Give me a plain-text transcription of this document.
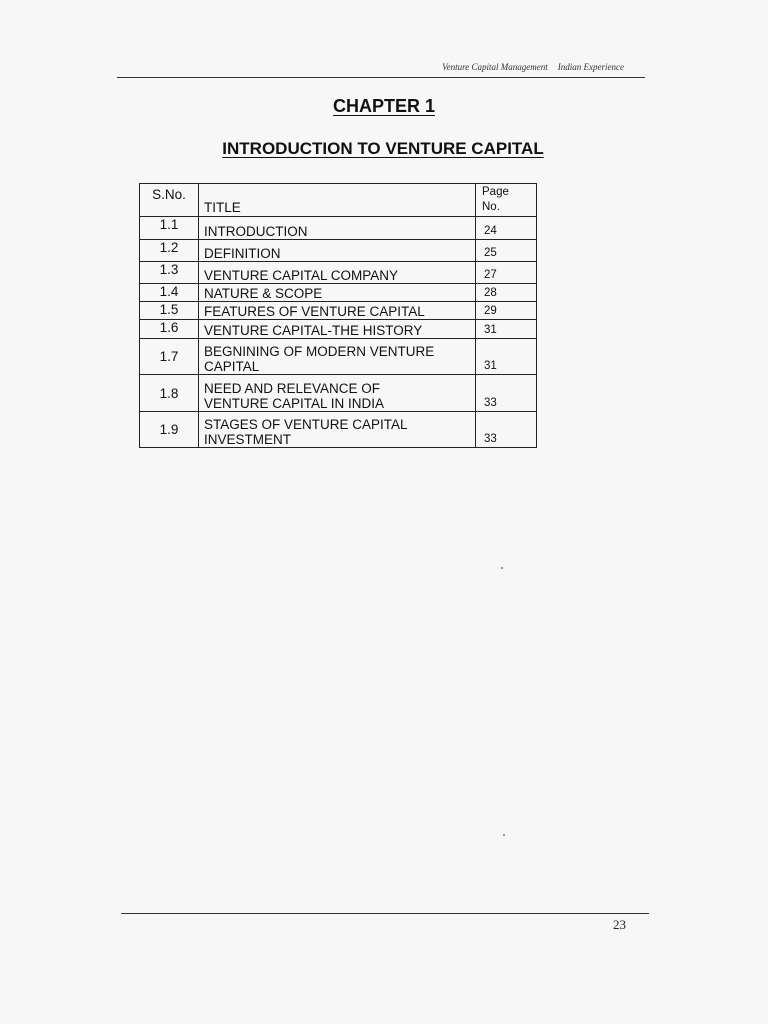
Venture Capital Management Indian Experience
CHAPTER 1
INTRODUCTION TO VENTURE CAPITAL
S.No.	TITLE	Page
No.

1.1	INTRODUCTION	24
1.2	DEFINITION	25
1.3	VENTURE CAPITAL COMPANY	27
1.4	NATURE & SCOPE	28
1.5	FEATURES OF VENTURE CAPITAL	29
1.6	VENTURE CAPITAL-THE HISTORY	31
1.7	BEGNINING OF MODERN VENTURE
CAPITAL	31
1.8	NEED AND RELEVANCE OF
VENTURE CAPITAL IN INDIA	33
1.9	STAGES OF VENTURE CAPITAL
INVESTMENT	33
23
